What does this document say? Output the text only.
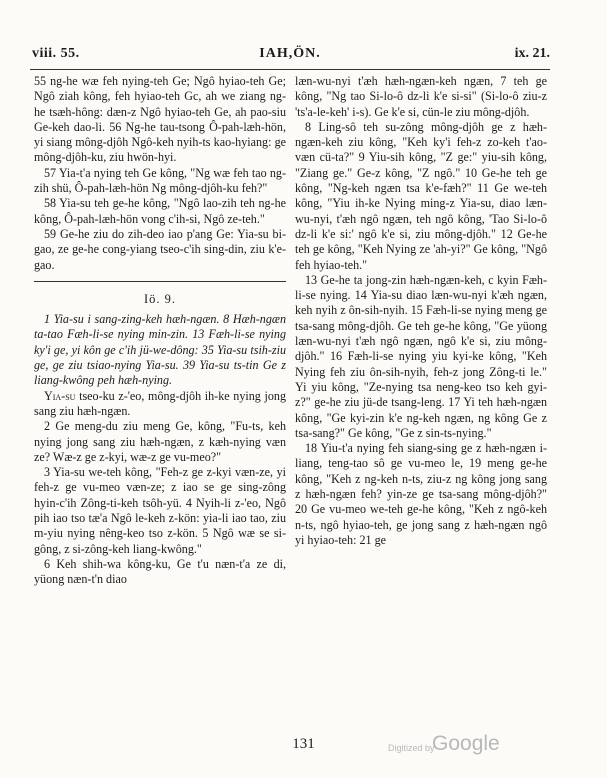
viii. 55.	IAH,ÖN.	ix. 21.

55 ng-he wæ feh nying-teh Ge; Ngô hyiao-teh Ge; Ngô ziah kông, feh hyiao-teh Gc, ah we ziang ng-he tsæh-hông: dæn-z Ngô hyiao-teh Ge, ah pao-siu Ge-keh dao-li. 56 Ng-he tau-tsong Ô-pah-læh-hön, yi siang mông-djôh Ngô-keh nyih-ts kao-hyiang: ge mông-djôh-ku, ziu hwön-hyi.

57 Yia-t'a nying teh Ge kông, "Ng wæ feh tao ng-zih shü, Ô-pah-læh-hön Ng mông-djôh-ku feh?"

58 Yia-su teh ge-he kông, "Ngô lao-zih teh ng-he kông, Ô-pah-læh-hön vong c'ih-si, Ngô ze-teh."

59 Ge-he ziu do zih-deo iao p'ang Ge: Yia-su bi-gao, ze ge-he cong-yiang tseo-c'ih sing-din, ziu k'e-gao.

Iö. 9.

1 Yia-su i sang-zing-keh hæh-ngæn. 8 Hæh-ngæn ta-tao Fæh-li-se nying min-zin. 13 Fæh-li-se nying ky'i ge, yi kôn ge c'ih jü-we-dông: 35 Yia-su tsih-ziu ge, ge ziu tsiao-nying Yia-su. 39 Yia-su ts-tin Ge z liang-kwông peh hæh-nying.

Yia-su tseo-ku z-'eo, mông-djôh ih-ke nying jong sang ziu hæh-ngæn.

2 Ge meng-du ziu meng Ge, kông, "Fu-ts, keh nying jong sang ziu hæh-ngæn, z kæh-nying væn ze? Wæ-z ge z-kyi, wæ-z ge vu-meo?"

3 Yia-su we-teh kông, "Feh-z ge z-kyi væn-ze, yi feh-z ge vu-meo væn-ze; z iao se ge sing-zông hyin-c'ih Zông-ti-keh tsôh-yü. 4 Nyih-li z-'eo, Ngô pih iao tso tæ'a Ngô le-keh z-kön: yia-li iao tao, ziu m-yiu nying nêng-keo tso z-kön. 5 Ngô wæ se si-gông, z si-zông-keh liang-kwông."

6 Keh shih-wa kông-ku, Ge t'u næn-t'a ze di, yüong næn-t'n diao

læn-wu-nyi t'æh hæh-ngæn-keh ngæn, 7 teh ge kông, "Ng tao Si-lo-ô dz-li k'e si-si" (Si-lo-ô ziu-z 'ts'a-le-keh' i-s). Ge k'e si, cün-le ziu mông-djôh.

8 Ling-sô teh su-zông mông-djôh ge z hæh-ngæn-keh ziu kông, "Keh ky'i feh-z zo-keh t'ao-væn cü-ta?" 9 Yiu-sih kông, "Z ge:" yiu-sih kông, "Ziang ge." Ge-z kông, "Z ngô." 10 Ge-he teh ge kông, "Ng-keh ngæn tsa k'e-fæh?" 11 Ge we-teh kông, "Yiu ih-ke Nying ming-z Yia-su, diao læn-wu-nyi, t'æh ngô ngæn, teh ngô kông, 'Tao Si-lo-ô dz-li k'e si:' ngô k'e si, ziu mông-djôh." 12 Ge-he teh ge kông, "Keh Nying ze 'ah-yi?" Ge kông, "Ngô feh hyiao-teh."

13 Ge-he ta jong-zin hæh-ngæn-keh, c kyin Fæh-li-se nying. 14 Yia-su diao læn-wu-nyi k'æh ngæn, keh nyih z ôn-sih-nyih. 15 Fæh-li-se nying meng ge tsa-sang mông-djôh. Ge teh ge-he kông, "Ge yüong læn-wu-nyi t'æh ngô ngæn, ngô k'e si, ziu mông-djôh." 16 Fæh-li-se nying yiu kyi-ke kông, "Keh Nying feh ziu ôn-sih-nyih, feh-z jong Zông-ti le." Yi yiu kông, "Ze-nying tsa neng-keo tso keh gyi-z?" ge-he ziu jü-de tsang-leng. 17 Yi teh hæh-ngæn kông, "Ge kyi-zin k'e ng-keh ngæn, ng kông Ge z tsa-sang?" Ge kông, "Ge z sin-ts-nying."

18 Yiu-t'a nying feh siang-sing ge z hæh-ngæn i-liang, teng-tao sô ge vu-meo le, 19 meng ge-he kông, "Keh z ng-keh n-ts, ziu-z ng kông jong sang z hæh-ngæn feh? yin-ze ge tsa-sang mông-djôh?" 20 Ge vu-meo we-teh ge-he kông, "Keh z ngô-keh n-ts, ngô hyiao-teh, ge jong sang z hæh-ngæn ngô yi hyiao-teh: 21 ge

131	Digitized by
Google
